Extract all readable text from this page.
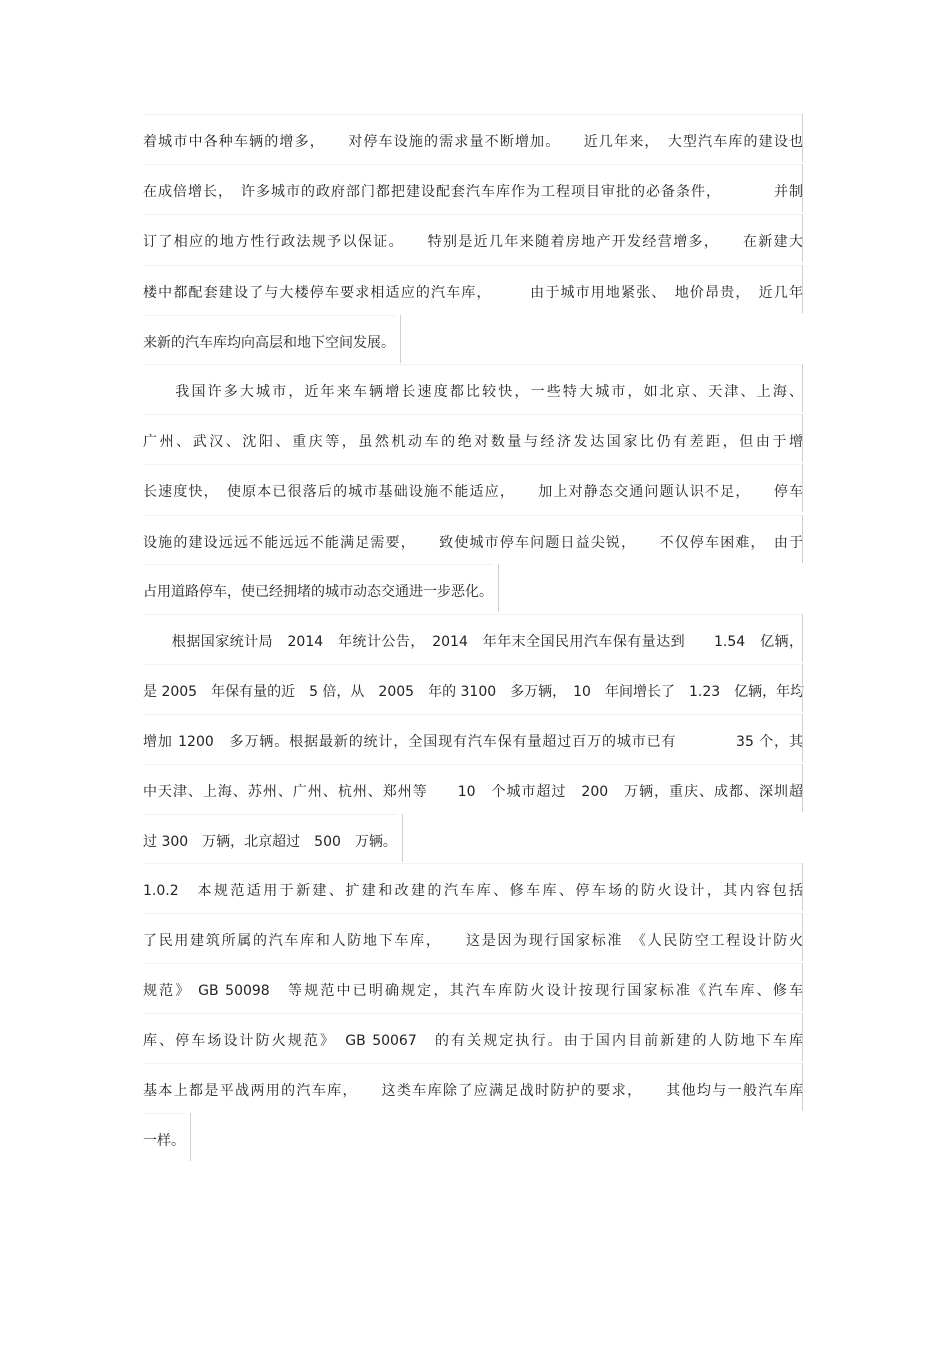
着城市中各种车辆的增多，　　对停车设施的需求量不断增加。　　近几年来，　大型汽车库的建设也
在成倍增长，　许多城市的政府部门都把建设配套汽车库作为工程项目审批的必备条件，　　　　并制
订了相应的地方性行政法规予以保证。　　特别是近几年来随着房地产开发经营增多，　　在新建大
楼中都配套建设了与大楼停车要求相适应的汽车库，　　　由于城市用地紧张、　地价昂贵，　近几年
来新的汽车库均向高层和地下空间发展。
　　我国许多大城市，近年来车辆增长速度都比较快，一些特大城市，如北京、天津、上海、
广州、武汉、沈阳、重庆等，虽然机动车的绝对数量与经济发达国家比仍有差距，但由于增
长速度快，　使原本已很落后的城市基础设施不能适应，　　加上对静态交通问题认识不足，　　停车
设施的建设远远不能远远不能满足需要，　　致使城市停车问题日益尖锐，　　不仅停车困难，　由于
占用道路停车，使已经拥堵的城市动态交通进一步恶化。
　　根据国家统计局　2014　年统计公告，　2014　年年末全国民用汽车保有量达到　　1.54　亿辆，
是 2005　年保有量的近　5 倍，从　2005　年的 3100　多万辆，　10　年间增长了　1.23　亿辆，年均
增加 1200　多万辆。根据最新的统计，全国现有汽车保有量超过百万的城市已有　　　　35 个，其
中天津、上海、苏州、广州、杭州、郑州等　　10　个城市超过　200　万辆，重庆、成都、深圳超
过 300　万辆，北京超过　500　万辆。
1.0.2　本规范适用于新建、扩建和改建的汽车库、修车库、停车场的防火设计，其内容包括
了民用建筑所属的汽车库和人防地下车库，　　这是因为现行国家标准　《人民防空工程设计防火
规范》 GB 50098　等规范中已明确规定，其汽车库防火设计按现行国家标准《汽车库、修车
库、停车场设计防火规范》　GB 50067　的有关规定执行。由于国内目前新建的人防地下车库
基本上都是平战两用的汽车库，　　这类车库除了应满足战时防护的要求，　　其他均与一般汽车库
一样。
